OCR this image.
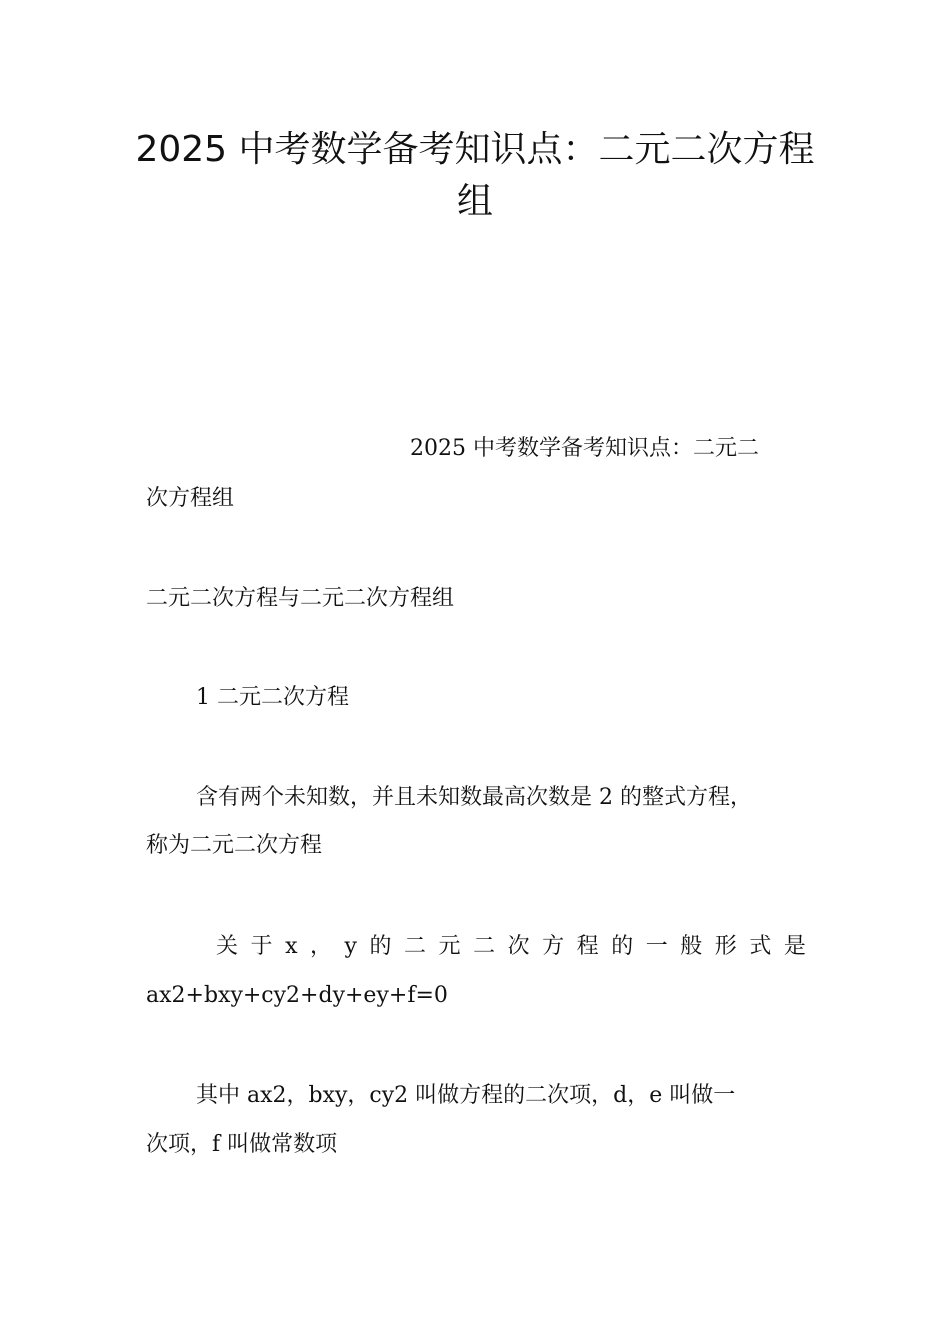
2025 中考数学备考知识点：二元二次方程
组

2025 中考数学备考知识点：二元二

次方程组

二元二次方程与二元二次方程组

1 二元二次方程

含有两个未知数，并且未知数最高次数是 2 的整式方程，

称为二元二次方程

关 于 x ， y 的 二 元 二 次 方 程 的 一 般 形 式 是

ax2+bxy+cy2+dy+ey+f=0

其中 ax2，bxy，cy2 叫做方程的二次项，d，e 叫做一

次项，f 叫做常数项
